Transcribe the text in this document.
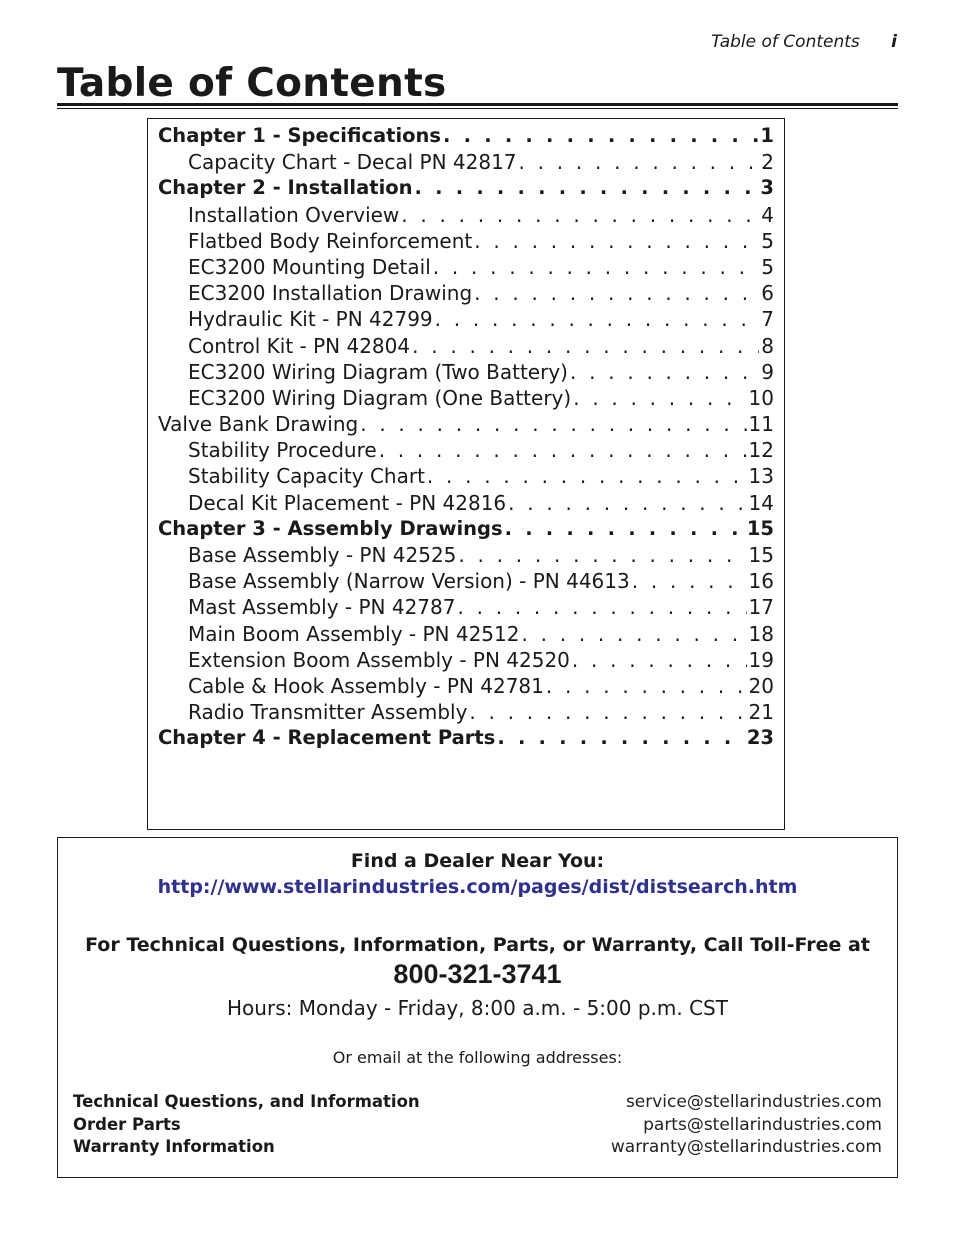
Table of Contents i
Table of Contents
Chapter 1 - Specifications . . .	1
Capacity Chart - Decal PN 42817 . . .	2
Chapter 2 - Installation . . .	3
Installation Overview . . .	4
Flatbed Body Reinforcement . . .	5
EC3200 Mounting Detail . . .	5
EC3200 Installation Drawing . . .	6
Hydraulic Kit - PN 42799 . . .	7
Control Kit - PN 42804 . . .	8
EC3200 Wiring Diagram (Two Battery) . . .	9
EC3200 Wiring Diagram (One Battery) . . .	10
Valve Bank Drawing . . .	11
Stability Procedure . . .	12
Stability Capacity Chart . . .	13
Decal Kit Placement - PN 42816 . . .	14
Chapter 3 - Assembly Drawings . . .	15
Base Assembly - PN 42525 . . .	15
Base Assembly (Narrow Version) - PN 44613 . . .	16
Mast Assembly - PN 42787 . . .	17
Main Boom Assembly - PN 42512 . . .	18
Extension Boom Assembly - PN 42520 . . .	19
Cable & Hook Assembly - PN 42781 . . .	20
Radio Transmitter Assembly . . .	21
Chapter 4 - Replacement Parts . . .	23
Find a Dealer Near You:
http://www.stellarindustries.com/pages/dist/distsearch.htm
For Technical Questions, Information, Parts, or Warranty, Call Toll-Free at
800-321-3741
Hours: Monday - Friday, 8:00 a.m. - 5:00 p.m. CST
Or email at the following addresses:
Technical Questions, and Information	service@stellarindustries.com
Order Parts	parts@stellarindustries.com
Warranty Information	warranty@stellarindustries.com
